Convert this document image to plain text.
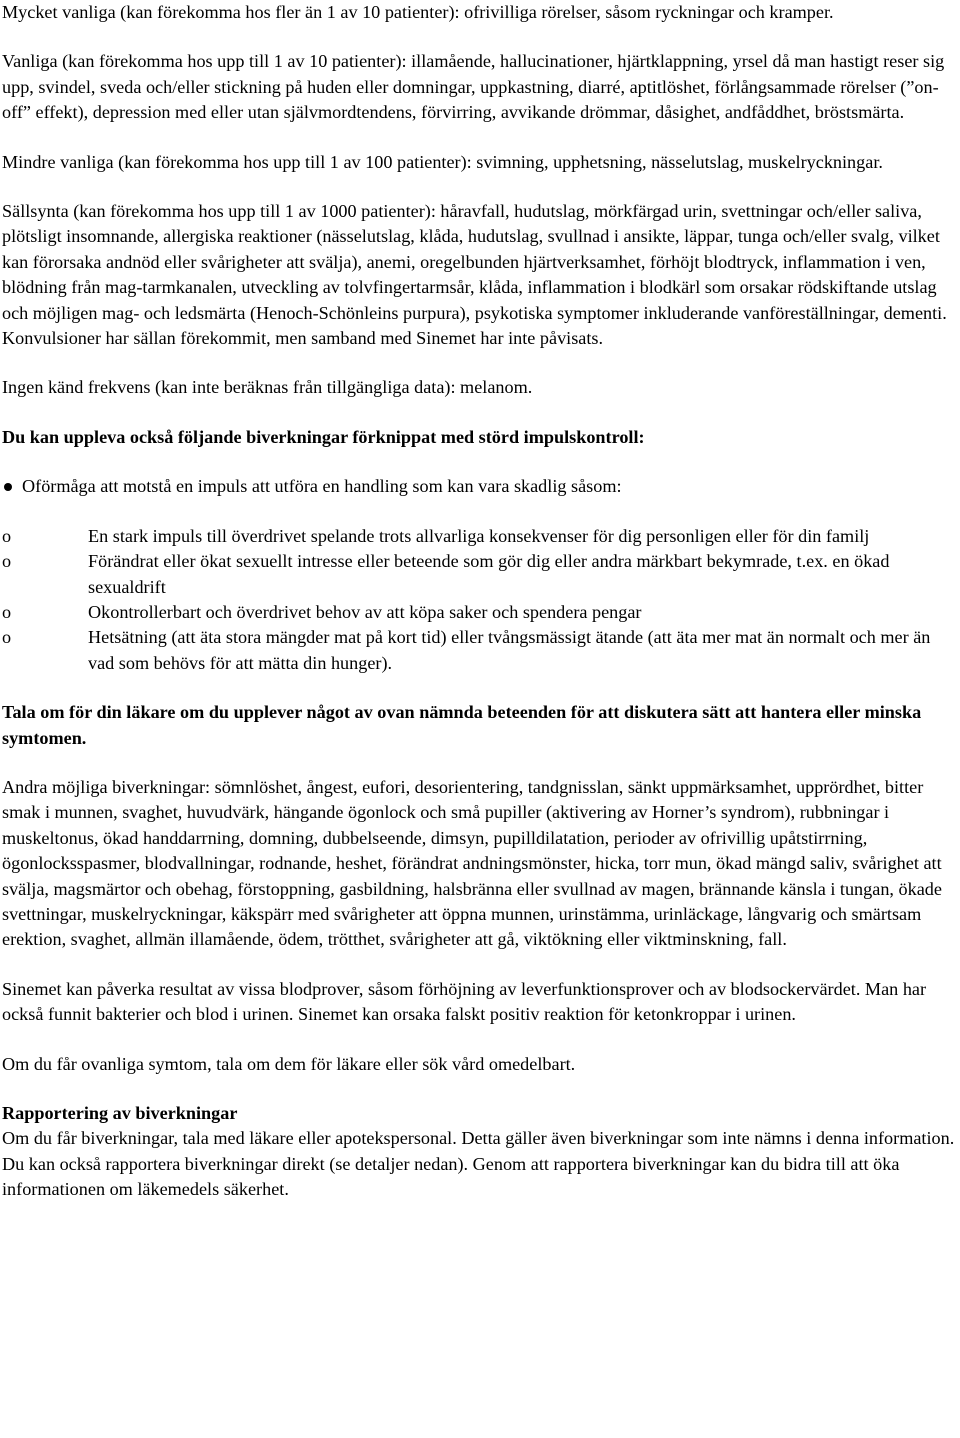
Mycket vanliga (kan förekomma hos fler än 1 av 10 patienter): ofrivilliga rörelser, såsom ryckningar och kramper.

Vanliga (kan förekomma hos upp till 1 av 10 patienter): illamående, hallucinationer, hjärtklappning, yrsel då man hastigt reser sig upp, svindel, sveda och/eller stickning på huden eller domningar, uppkastning, diarré, aptitlöshet, förlångsammade rörelser (”on-off” effekt), depression med eller utan självmordtendens, förvirring, avvikande drömmar, dåsighet, andfåddhet, bröstsmärta.

Mindre vanliga (kan förekomma hos upp till 1 av 100 patienter): svimning, upphetsning, nässelutslag, muskelryckningar.

Sällsynta (kan förekomma hos upp till 1 av 1000 patienter): håravfall, hudutslag, mörkfärgad urin, svettningar och/eller saliva, plötsligt insomnande, allergiska reaktioner (nässelutslag, klåda, hudutslag, svullnad i ansikte, läppar, tunga och/eller svalg, vilket kan förorsaka andnöd eller svårigheter att svälja), anemi, oregelbunden hjärtverksamhet, förhöjt blodtryck, inflammation i ven, blödning från mag-tarmkanalen, utveckling av tolvfingertarmsår, klåda, inflammation i blodkärl som orsakar rödskiftande utslag och möjligen mag- och ledsmärta (Henoch-Schönleins purpura), psykotiska symptomer inkluderande vanföreställningar, dementi. Konvulsioner har sällan förekommit, men samband med Sinemet har inte påvisats.

Ingen känd frekvens (kan inte beräknas från tillgängliga data): melanom.

Du kan uppleva också följande biverkningar förknippat med störd impulskontroll:

Oförmåga att motstå en impuls att utföra en handling som kan vara skadlig såsom:

o	En stark impuls till överdrivet spelande trots allvarliga konsekvenser för dig personligen eller för din familj
o	Förändrat eller ökat sexuellt intresse eller beteende som gör dig eller andra märkbart bekymrade, t.ex. en ökad sexualdrift
o	Okontrollerbart och överdrivet behov av att köpa saker och spendera pengar
o	Hetsätning (att äta stora mängder mat på kort tid) eller tvångsmässigt ätande (att äta mer mat än normalt och mer än vad som behövs för att mätta din hunger).

Tala om för din läkare om du upplever något av ovan nämnda beteenden för att diskutera sätt att hantera eller minska symtomen.

Andra möjliga biverkningar: sömnlöshet, ångest, eufori, desorientering, tandgnisslan, sänkt uppmärksamhet, upprördhet, bitter smak i munnen, svaghet, huvudvärk, hängande ögonlock och små pupiller (aktivering av Horner’s syndrom), rubbningar i muskeltonus, ökad handdarrning, domning, dubbelseende, dimsyn, pupilldilatation, perioder av ofrivillig upåtstirrning, ögonlocksspasmer, blodvallningar, rodnande, heshet, förändrat andningsmönster, hicka, torr mun, ökad mängd saliv, svårighet att svälja, magsmärtor och obehag, förstoppning, gasbildning, halsbränna eller svullnad av magen, brännande känsla i tungan, ökade svettningar, muskelryckningar, käkspärr med svårigheter att öppna munnen, urinstämma, urinläckage, långvarig och smärtsam erektion, svaghet, allmän illamående, ödem, trötthet, svårigheter att gå, viktökning eller viktminskning, fall.

Sinemet kan påverka resultat av vissa blodprover, såsom förhöjning av leverfunktionsprover och av blodsockervärdet. Man har också funnit bakterier och blod i urinen. Sinemet kan orsaka falskt positiv reaktion för ketonkroppar i urinen.

Om du får ovanliga symtom, tala om dem för läkare eller sök vård omedelbart.

Rapportering av biverkningar

Om du får biverkningar, tala med läkare eller apotekspersonal. Detta gäller även biverkningar som inte nämns i denna information. Du kan också rapportera biverkningar direkt (se detaljer nedan). Genom att rapportera biverkningar kan du bidra till att öka informationen om läkemedels säkerhet.
